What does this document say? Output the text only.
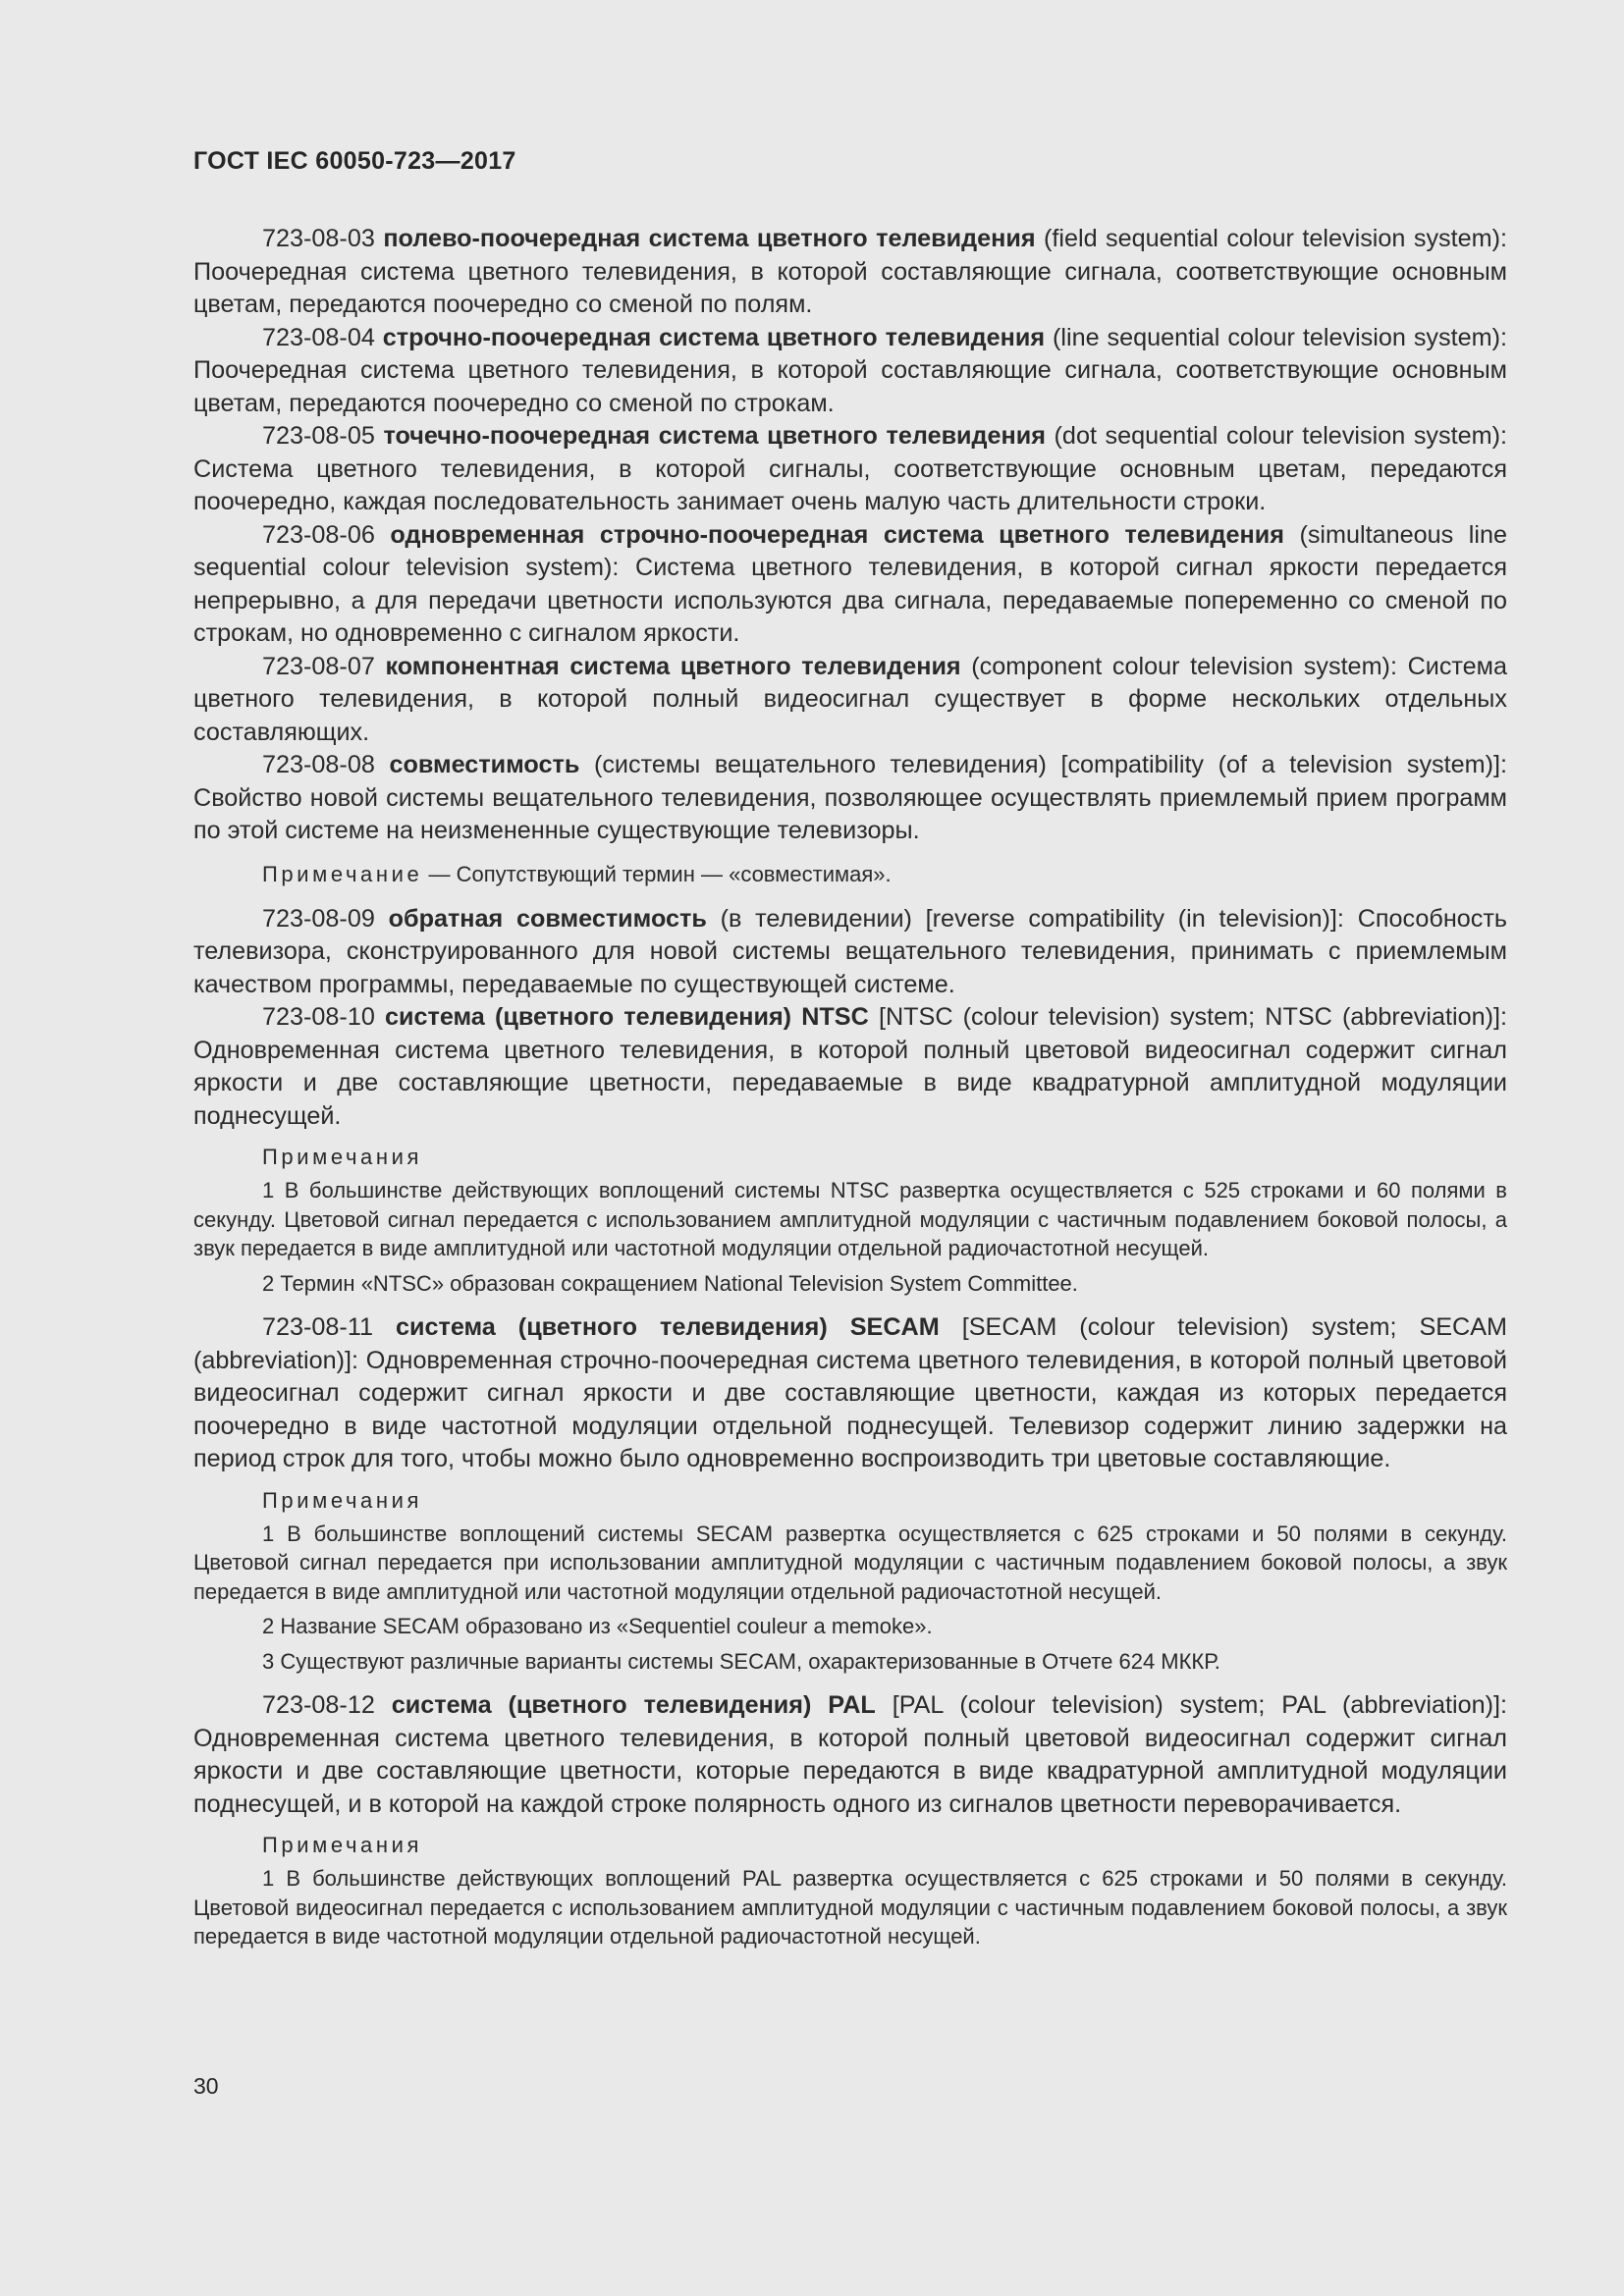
ГОСТ IEC 60050-723—2017

723-08-03 полево-поочередная система цветного телевидения (field sequential colour television system): Поочередная система цветного телевидения, в которой составляющие сигнала, соответствующие основным цветам, передаются поочередно со сменой по полям.

723-08-04 строчно-поочередная система цветного телевидения (line sequential colour television system): Поочередная система цветного телевидения, в которой составляющие сигнала, соответствующие основным цветам, передаются поочередно со сменой по строкам.

723-08-05 точечно-поочередная система цветного телевидения (dot sequential colour television system): Система цветного телевидения, в которой сигналы, соответствующие основным цветам, передаются поочередно, каждая последовательность занимает очень малую часть длительности строки.

723-08-06 одновременная строчно-поочередная система цветного телевидения (simultaneous line sequential colour television system): Система цветного телевидения, в которой сигнал яркости передается непрерывно, а для передачи цветности используются два сигнала, передаваемые попеременно со сменой по строкам, но одновременно с сигналом яркости.

723-08-07 компонентная система цветного телевидения (component colour television system): Система цветного телевидения, в которой полный видеосигнал существует в форме нескольких отдельных составляющих.

723-08-08 совместимость (системы вещательного телевидения) [compatibility (of a television system)]: Свойство новой системы вещательного телевидения, позволяющее осуществлять приемлемый прием программ по этой системе на неизмененные существующие телевизоры.

Примечание — Сопутствующий термин — «совместимая».

723-08-09 обратная совместимость (в телевидении) [reverse compatibility (in television)]: Способность телевизора, сконструированного для новой системы вещательного телевидения, принимать с приемлемым качеством программы, передаваемые по существующей системе.

723-08-10 система (цветного телевидения) NTSC [NTSC (colour television) system; NTSC (abbreviation)]: Одновременная система цветного телевидения, в которой полный цветовой видеосигнал содержит сигнал яркости и две составляющие цветности, передаваемые в виде квадратурной амплитудной модуляции поднесущей.

Примечания

1 В большинстве действующих воплощений системы NTSC развертка осуществляется с 525 строками и 60 полями в секунду. Цветовой сигнал передается с использованием амплитудной модуляции с частичным подавлением боковой полосы, а звук передается в виде амплитудной или частотной модуляции отдельной радиочастотной несущей.

2 Термин «NTSC» образован сокращением National Television System Committee.

723-08-11 система (цветного телевидения) SECAM [SECAM (colour television) system; SECAM (abbreviation)]: Одновременная строчно-поочередная система цветного телевидения, в которой полный цветовой видеосигнал содержит сигнал яркости и две составляющие цветности, каждая из которых передается поочередно в виде частотной модуляции отдельной поднесущей. Телевизор содержит линию задержки на период строк для того, чтобы можно было одновременно воспроизводить три цветовые составляющие.

Примечания

1 В большинстве воплощений системы SECAM развертка осуществляется с 625 строками и 50 полями в секунду. Цветовой сигнал передается при использовании амплитудной модуляции с частичным подавлением боковой полосы, а звук передается в виде амплитудной или частотной модуляции отдельной радиочастотной несущей.

2 Название SECAM образовано из «Sequentiel couleur a memoke».

3 Существуют различные варианты системы SECAM, охарактеризованные в Отчете 624 МККР.

723-08-12 система (цветного телевидения) PAL [PAL (colour television) system; PAL (abbreviation)]: Одновременная система цветного телевидения, в которой полный цветовой видеосигнал содержит сигнал яркости и две составляющие цветности, которые передаются в виде квадратурной амплитудной модуляции поднесущей, и в которой на каждой строке полярность одного из сигналов цветности переворачивается.

Примечания

1 В большинстве действующих воплощений PAL развертка осуществляется с 625 строками и 50 полями в секунду. Цветовой видеосигнал передается с использованием амплитудной модуляции с частичным подавлением боковой полосы, а звук передается в виде частотной модуляции отдельной радиочастотной несущей.

30
